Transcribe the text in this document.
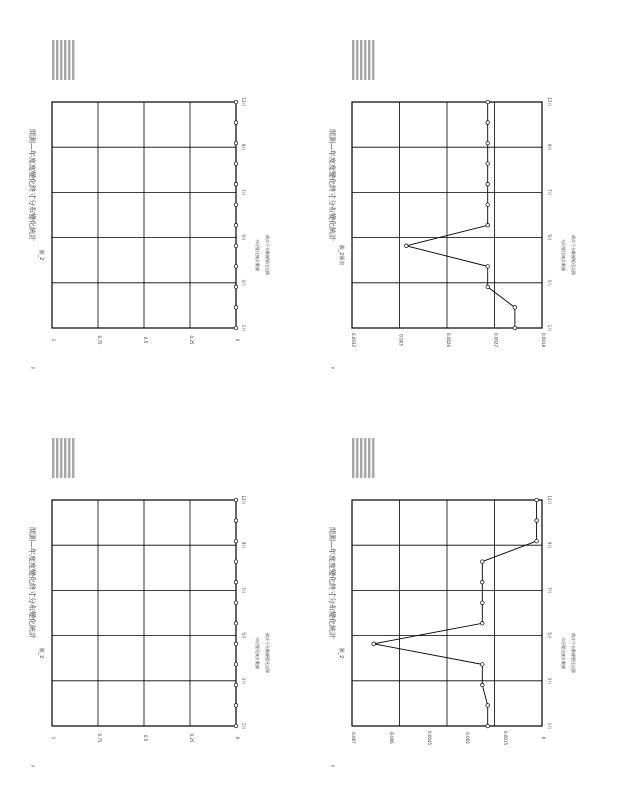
0
0.25
0.5
0.75
1
1月
3月
5月
7月
9月
12月
間測—年度度變化終寸分布變化統計
圖_2	水位變化統計數據 備註分布數據變化記錄
y
0.0018
0.0022
0.0026
0.003
0.0032
1月
3月
5月
7月
9月
12月
間測—年度度變化終寸分布變化統計
圖_2圖表	水位變化統計數據 備註分布數據變化記錄
y
0
0.25
0.5
0.75
1
1月
3月
5月
7月
9月
12月
間測—年度度變化終寸分布變化統計
圖_2	水位變化統計數據 備註分布數據變化記錄
y
0
0.0015
0.003
0.0045
0.006
0.007
1月
3月
5月
7月
9月
12月
間測—年度度變化終寸分布變化統計
圖_2	水位變化統計數據 備註分布數據變化記錄
y
